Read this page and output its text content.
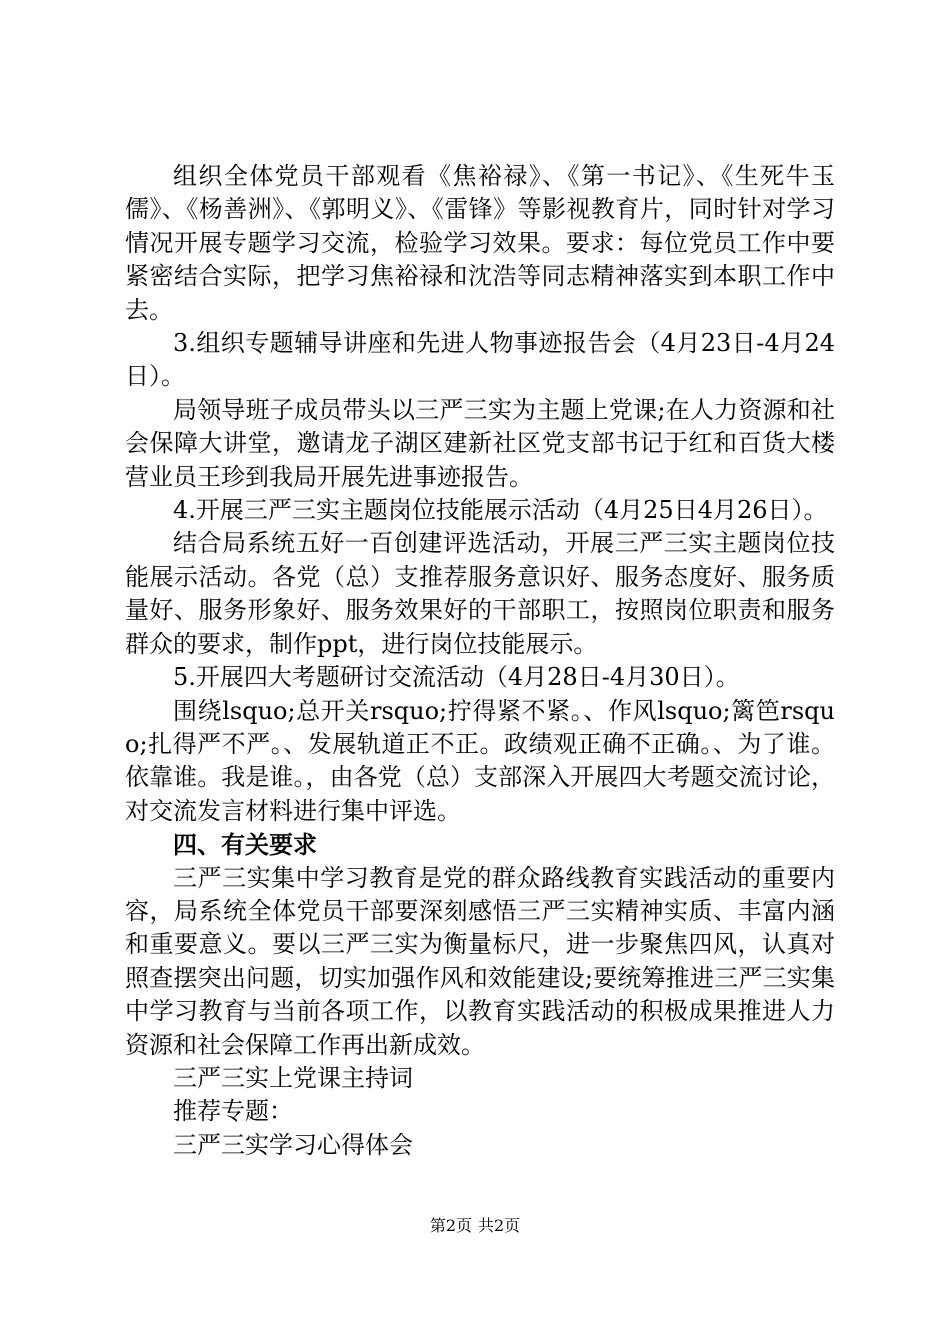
组织全体党员干部观看《焦裕禄》、《第一书记》、《生死牛玉儒》、《杨善洲》、《郭明义》、《雷锋》等影视教育片，同时针对学习情况开展专题学习交流，检验学习效果。要求：每位党员工作中要紧密结合实际，把学习焦裕禄和沈浩等同志精神落实到本职工作中去。

3.组织专题辅导讲座和先进人物事迹报告会（4月23日-4月24日）。

局领导班子成员带头以三严三实为主题上党课;在人力资源和社会保障大讲堂，邀请龙子湖区建新社区党支部书记于红和百货大楼营业员王珍到我局开展先进事迹报告。

4.开展三严三实主题岗位技能展示活动（4月25日4月26日）。

结合局系统五好一百创建评选活动，开展三严三实主题岗位技能展示活动。各党（总）支推荐服务意识好、服务态度好、服务质量好、服务形象好、服务效果好的干部职工，按照岗位职责和服务群众的要求，制作ppt，进行岗位技能展示。

5.开展四大考题研讨交流活动（4月28日-4月30日）。

围绕lsquo;总开关rsquo;拧得紧不紧。、作风lsquo;篱笆rsquo;扎得严不严。、发展轨道正不正。政绩观正确不正确。、为了谁。依靠谁。我是谁。，由各党（总）支部深入开展四大考题交流讨论，对交流发言材料进行集中评选。

四、有关要求

三严三实集中学习教育是党的群众路线教育实践活动的重要内容，局系统全体党员干部要深刻感悟三严三实精神实质、丰富内涵和重要意义。要以三严三实为衡量标尺，进一步聚焦四风，认真对照查摆突出问题，切实加强作风和效能建设;要统筹推进三严三实集中学习教育与当前各项工作，以教育实践活动的积极成果推进人力资源和社会保障工作再出新成效。

三严三实上党课主持词

推荐专题：

三严三实学习心得体会

第2页 共2页
